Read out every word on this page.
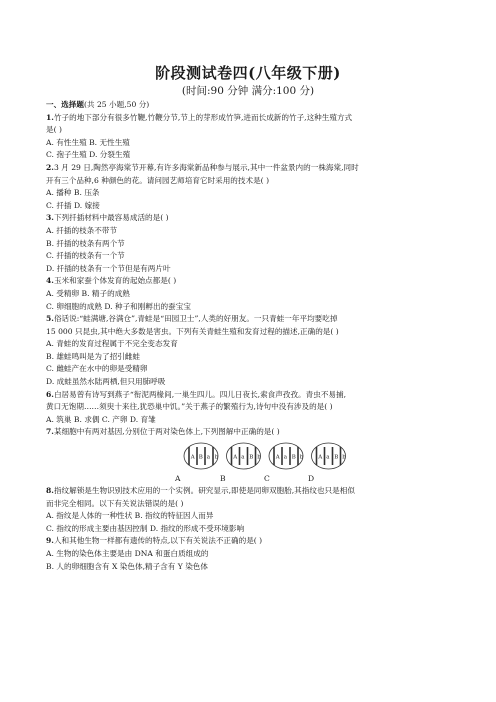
阶段测试卷四(八年级下册)
(时间:90 分钟 满分:100 分)
一、选择题(共 25 小题,50 分)
1.竹子的地下部分有很多竹鞭,竹鞭分节,节上的芽形成竹笋,进而长成新的竹子,这种生殖方式
是( )
A. 有性生殖 B. 无性生殖
C. 孢子生殖 D. 分裂生殖
2.3 月 29 日,陶然亭海棠节开幕,有许多海棠新品种参与展示,其中一件盆景内的一株海棠,同时
开有三个品种,6 种颜色的花。请问园艺师培育它时采用的技术是( )
A. 播种 B. 压条
C. 扦插 D. 嫁接
3.下列扦插材料中最容易成活的是( )
A. 扦插的枝条不带节
B. 扦插的枝条有两个节
C. 扦插的枝条有一个节
D. 扦插的枝条有一个节但是有两片叶
4.玉米和家蚕个体发育的起始点都是( )
A. 受精卵 B. 精子的成熟
C. 卵细胞的成熟 D. 种子和刚孵出的蚕宝宝
5.俗话说:“蛙满塘,谷满仓”,青蛙是“田园卫士”,人类的好朋友。一只青蛙一年平均要吃掉
15 000 只昆虫,其中绝大多数是害虫。下列有关青蛙生殖和发育过程的描述,正确的是( )
A. 青蛙的发育过程属于不完全变态发育
B. 雄蛙鸣叫是为了招引雌蛙
C. 雌蛙产在水中的卵是受精卵
D. 成蛙虽然水陆两栖,但只用肺呼吸
6.白居易曾有诗写到燕子“衔泥两椽间,一巢生四儿。四儿日夜长,索食声孜孜。青虫不易捕,
黄口无饱期……须臾十来往,犹恐巢中饥。”关于燕子的繁殖行为,诗句中没有涉及的是( )
A. 筑巢 B. 求偶 C. 产卵 D. 育雏
7.某细胞中有两对基因,分别位于两对染色体上,下列图解中正确的是( )
A B a b	A a B b	A a B b	A a B b
A	B	C	D
8.指纹解锁是生物识别技术应用的一个实例。研究显示,即使是同卵双胞胎,其指纹也只是相似
而非完全相同。以下有关说法错误的是( )
A. 指纹是人体的一种性状 B. 指纹的特征因人而异
C. 指纹的形成主要由基因控制 D. 指纹的形成不受环境影响
9.人和其他生物一样都有遗传的特点,以下有关说法不正确的是( )
A. 生物的染色体主要是由 DNA 和蛋白质组成的
B. 人的卵细胞含有 X 染色体,精子含有 Y 染色体
